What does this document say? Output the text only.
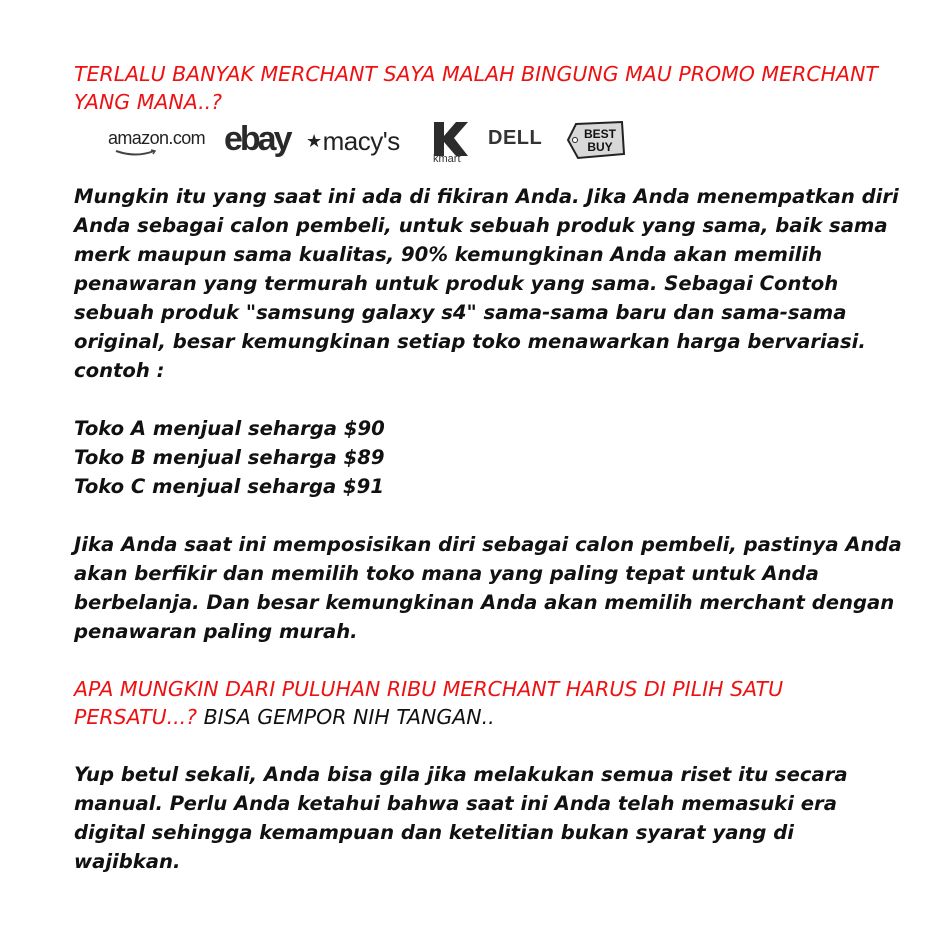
TERLALU BANYAK MERCHANT SAYA MALAH BINGUNG MAU PROMO MERCHANT YANG MANA..?
amazon.com ebay ★macy's
kmart
DELL	BEST
BUY

Mungkin itu yang saat ini ada di fikiran Anda. Jika Anda menempatkan diri Anda sebagai calon pembeli, untuk sebuah produk yang sama, baik sama merk maupun sama kualitas, 90% kemungkinan Anda akan memilih penawaran yang termurah untuk produk yang sama. Sebagai Contoh sebuah produk "samsung galaxy s4" sama-sama baru dan sama-sama original, besar kemungkinan setiap toko menawarkan harga bervariasi. contoh :

Toko A menjual seharga $90

Toko B menjual seharga $89

Toko C menjual seharga $91

Jika Anda saat ini memposisikan diri sebagai calon pembeli, pastinya Anda akan berfikir dan memilih toko mana yang paling tepat untuk Anda berbelanja. Dan besar kemungkinan Anda akan memilih merchant dengan penawaran paling murah.

APA MUNGKIN DARI PULUHAN RIBU MERCHANT HARUS DI PILIH SATU PERSATU...? BISA GEMPOR NIH TANGAN..

Yup betul sekali, Anda bisa gila jika melakukan semua riset itu secara manual. Perlu Anda ketahui bahwa saat ini Anda telah memasuki era digital sehingga kemampuan dan ketelitian bukan syarat yang di wajibkan.
